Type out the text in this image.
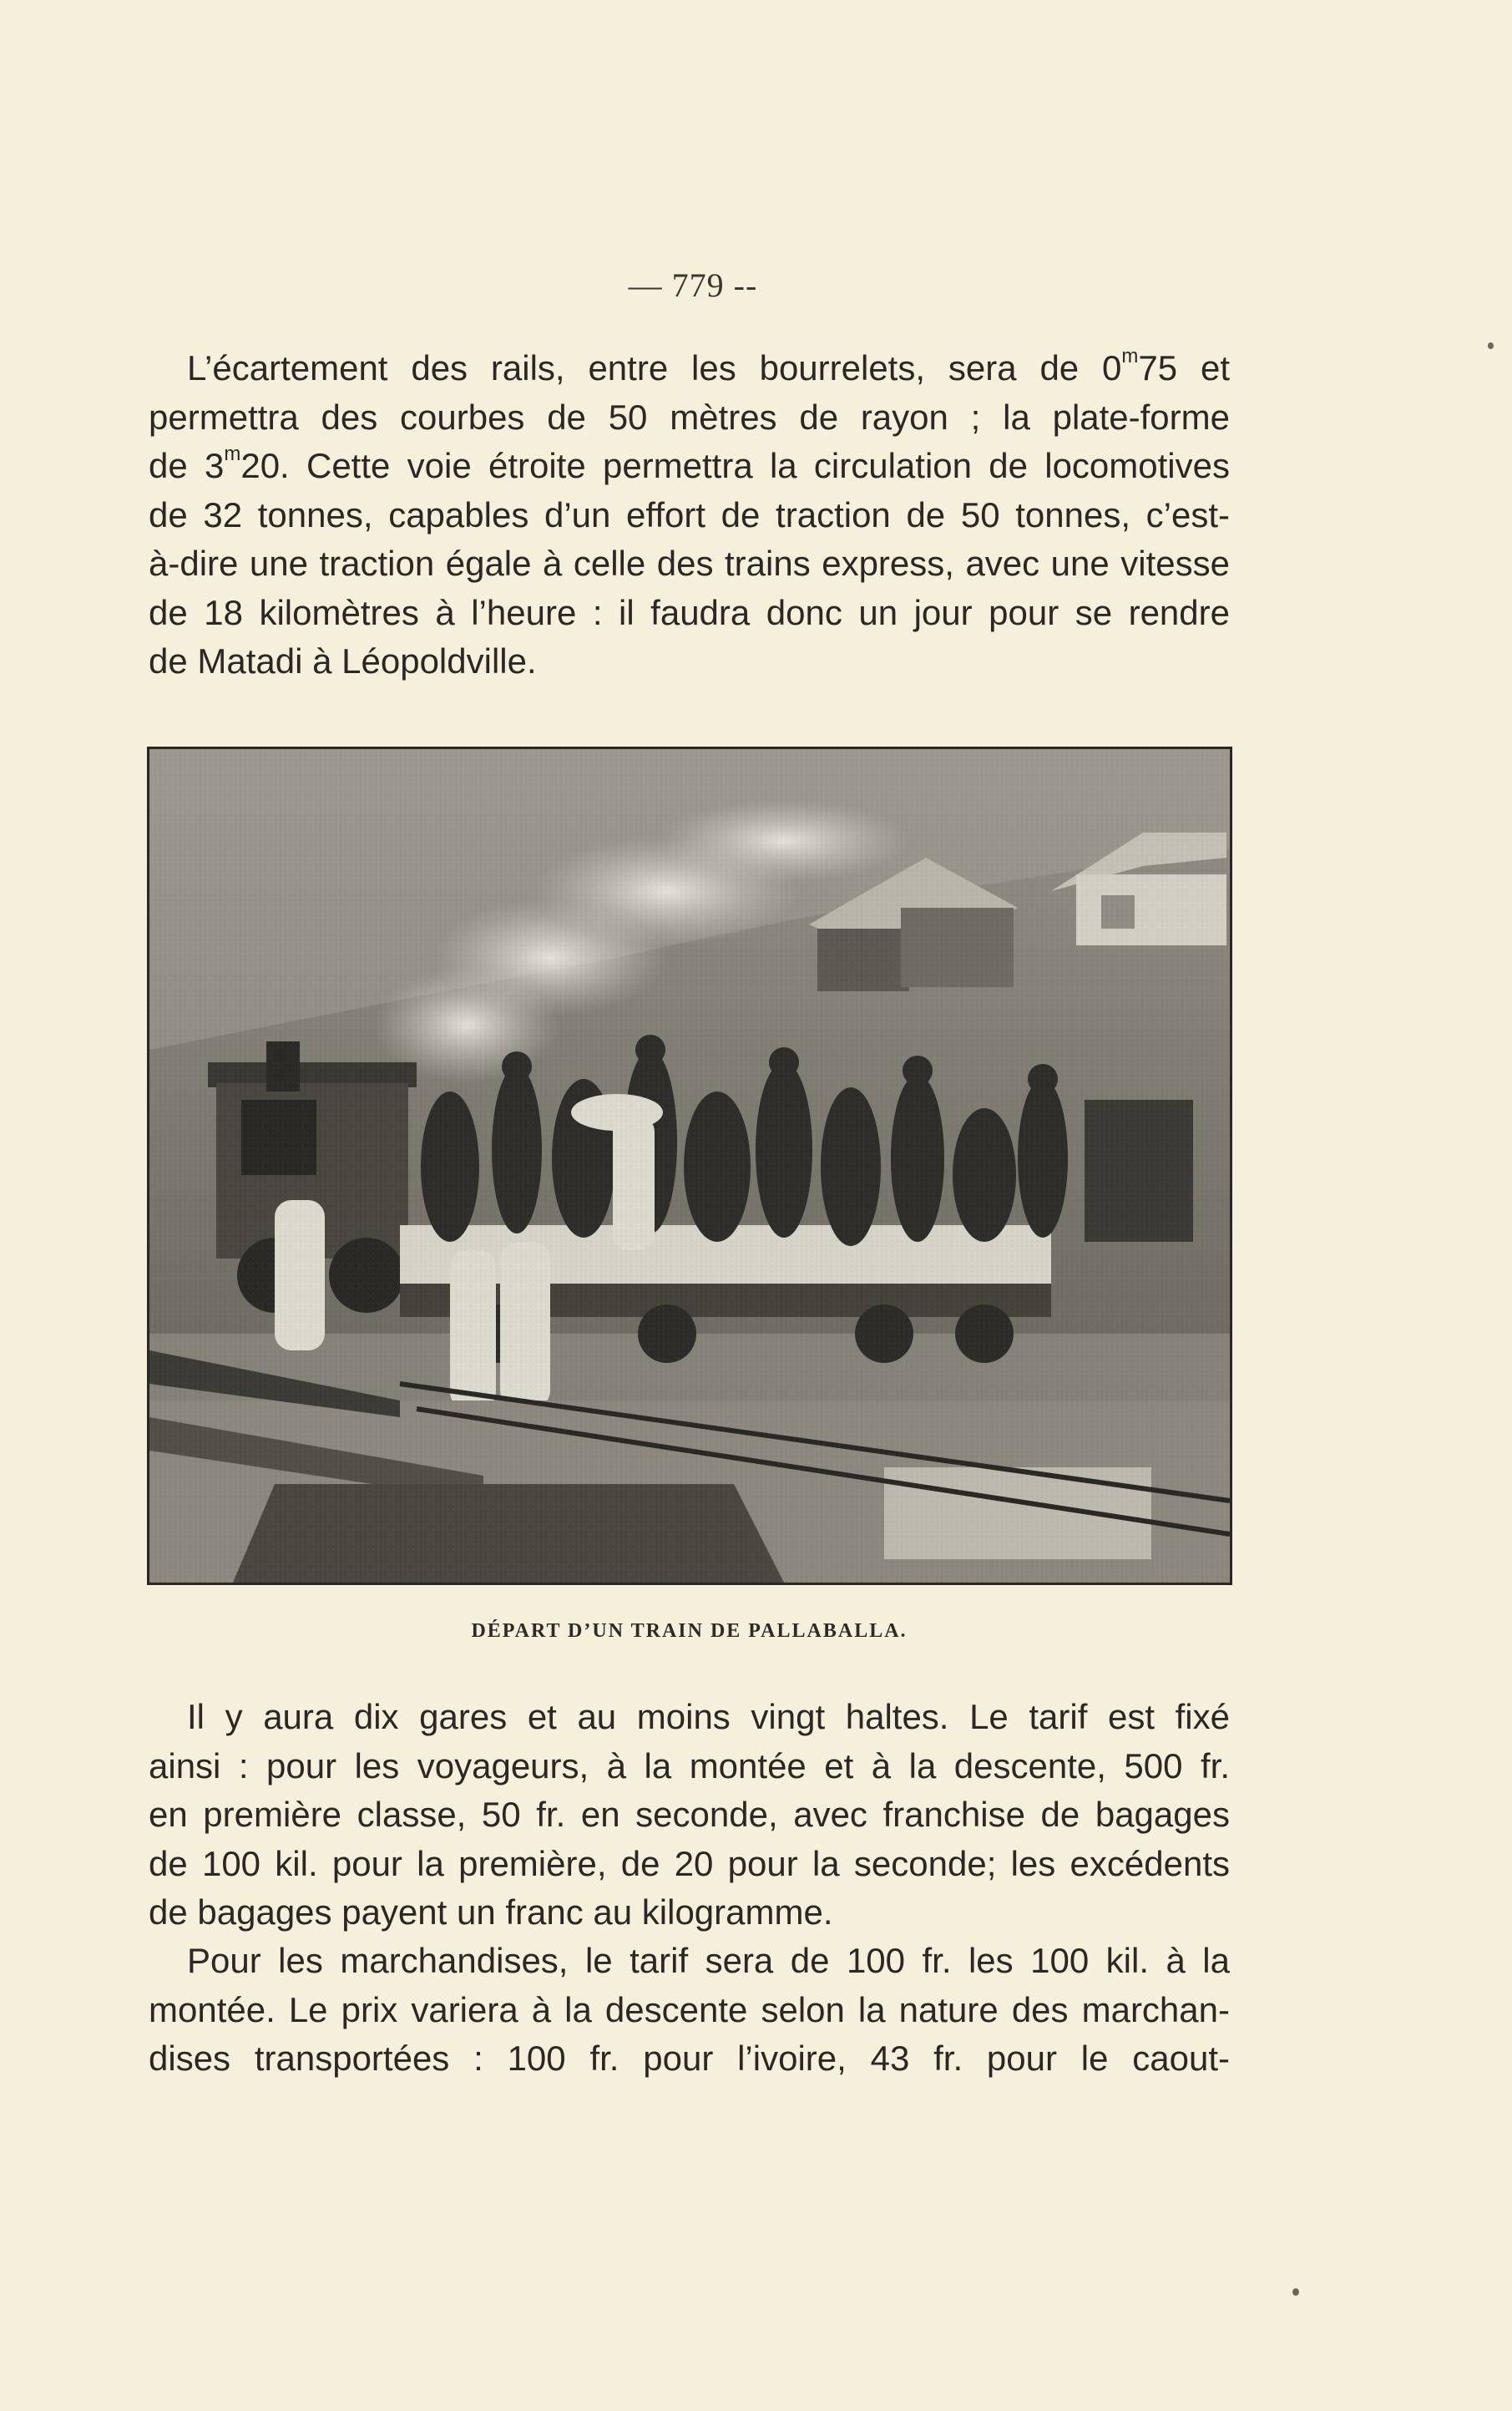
— 779 --
L’écartement des rails, entre les bourrelets, sera de 0$^m$75 et
permettra des courbes de 50 mètres de rayon ; la plate-forme
de 3$^m$20. Cette voie étroite permettra la circulation de locomotives
de 32 tonnes, capables d’un effort de traction de 50 tonnes, c’est-
à-dire une traction égale à celle des trains express, avec une vitesse
de 18 kilomètres à l’heure : il faudra donc un jour pour se rendre
de Matadi à Léopoldville.
DÉPART D’UN TRAIN DE PALLABALLA.
Il y aura dix gares et au moins vingt haltes. Le tarif est fixé
ainsi : pour les voyageurs, à la montée et à la descente, 500 fr.
en première classe, 50 fr. en seconde, avec franchise de bagages
de 100 kil. pour la première, de 20 pour la seconde; les excédents
de bagages payent un franc au kilogramme.
Pour les marchandises, le tarif sera de 100 fr. les 100 kil. à la
montée. Le prix variera à la descente selon la nature des marchan-
dises transportées : 100 fr. pour l’ivoire, 43 fr. pour le caout-
